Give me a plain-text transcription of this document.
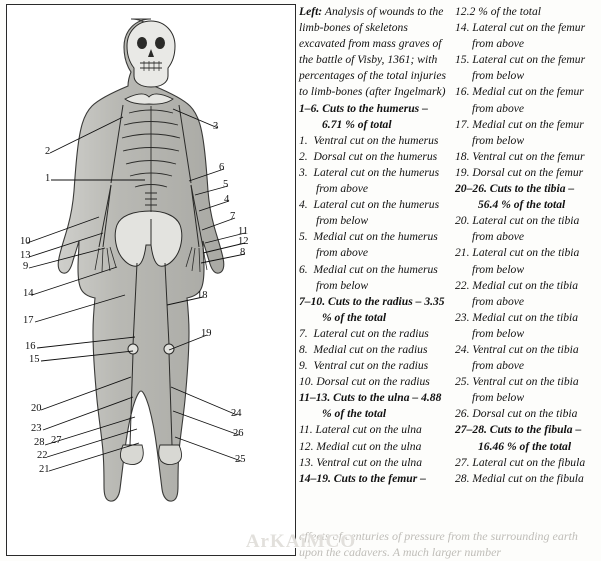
2
3
1
6
5
4
7
11
12
8
10
13
9
14
17
16
15
18
19
20
23
28 27
22
21
24
26
25
Left: Analysis of wounds to the limb-bones of skeletons excavated from mass graves of the battle of Visby, 1361; with percentages of the total injuries to limb-bones (after Ingelmark)
1–6. Cuts to the humerus – 6.71 % of total
1. Ventral cut on the humerus
2. Dorsal cut on the humerus
3. Lateral cut on the humerus from above
4. Lateral cut on the humerus from below
5. Medial cut on the humerus from above
6. Medial cut on the humerus from below
7–10. Cuts to the radius – 3.35 % of the total
7. Lateral cut on the radius
8. Medial cut on the radius
9. Ventral cut on the radius
10. Dorsal cut on the radius
11–13. Cuts to the ulna – 4.88 % of the total
11. Lateral cut on the ulna
12. Medial cut on the ulna
13. Ventral cut on the ulna
14–19. Cuts to the femur –
12.2 % of the total
14. Lateral cut on the femur from above
15. Lateral cut on the femur from below
16. Medial cut on the femur from above
17. Medial cut on the femur from below
18. Ventral cut on the femur
19. Dorsal cut on the femur
20–26. Cuts to the tibia – 56.4 % of the total
20. Lateral cut on the tibia from above
21. Lateral cut on the tibia from below
22. Medial cut on the tibia from above
23. Medial cut on the tibia from below
24. Ventral cut on the tibia from above
25. Ventral cut on the tibia from below
26. Dorsal cut on the tibia
27–28. Cuts to the fibula – 16.46 % of the total
27. Lateral cut on the fibula
28. Medial cut on the fibula
effects of centuries of pressure from the surrounding earth upon the cadavers. A much larger number
ArKAiMCO
